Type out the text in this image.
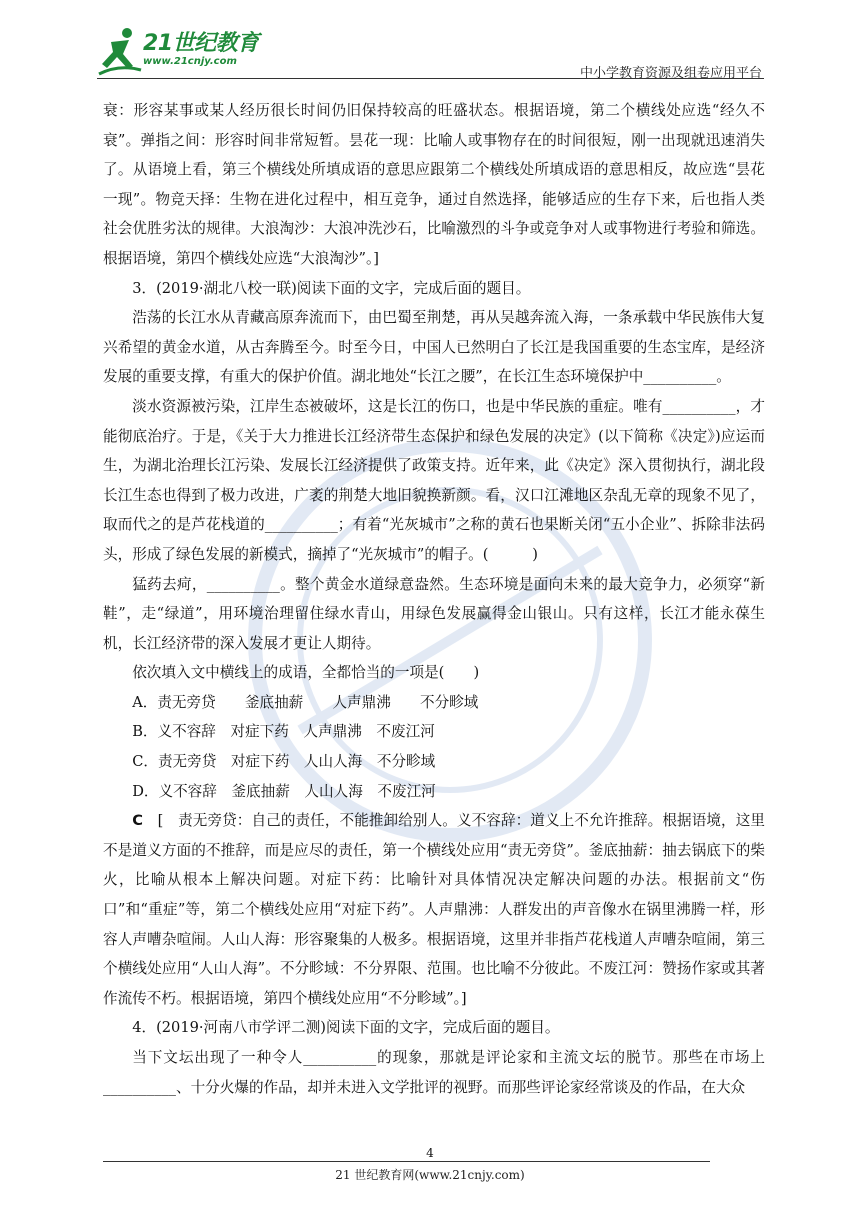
21世纪教育
www.21cnjy.com
中小学教育资源及组卷应用平台

衰：形容某事或某人经历很长时间仍旧保持较高的旺盛状态。根据语境，第二个横线处应选“经久不衰”。弹指之间：形容时间非常短暂。昙花一现：比喻人或事物存在的时间很短，刚一出现就迅速消失了。从语境上看，第三个横线处所填成语的意思应跟第二个横线处所填成语的意思相反，故应选“昙花一现”。物竞天择：生物在进化过程中，相互竞争，通过自然选择，能够适应的生存下来，后也指人类社会优胜劣汰的规律。大浪淘沙：大浪冲洗沙石，比喻激烈的斗争或竞争对人或事物进行考验和筛选。根据语境，第四个横线处应选“大浪淘沙”。]

3．(2019·湖北八校一联)阅读下面的文字，完成后面的题目。

浩荡的长江水从青藏高原奔流而下，由巴蜀至荆楚，再从吴越奔流入海，一条承载中华民族伟大复兴希望的黄金水道，从古奔腾至今。时至今日，中国人已然明白了长江是我国重要的生态宝库，是经济发展的重要支撑，有重大的保护价值。湖北地处“长江之腰”，在长江生态环境保护中__________。

淡水资源被污染，江岸生态被破坏，这是长江的伤口，也是中华民族的重症。唯有__________，才能彻底治疗。于是，《关于大力推进长江经济带生态保护和绿色发展的决定》(以下简称《决定》)应运而生，为湖北治理长江污染、发展长江经济提供了政策支持。近年来，此《决定》深入贯彻执行，湖北段长江生态也得到了极力改进，广袤的荆楚大地旧貌换新颜。看，汉口江滩地区杂乱无章的现象不见了，取而代之的是芦花栈道的__________；有着“光灰城市”之称的黄石也果断关闭“五小企业”、拆除非法码头，形成了绿色发展的新模式，摘掉了“光灰城市”的帽子。(　　　)

猛药去疴，__________。整个黄金水道绿意盎然。生态环境是面向未来的最大竞争力，必须穿“新鞋”，走“绿道”，用环境治理留住绿水青山，用绿色发展赢得金山银山。只有这样，长江才能永葆生机，长江经济带的深入发展才更让人期待。

依次填入文中横线上的成语，全都恰当的一项是(　　)

A．责无旁贷　　釜底抽薪　　人声鼎沸　　不分畛域

B．义不容辞　对症下药　人声鼎沸　不废江河

C．责无旁贷　对症下药　人山人海　不分畛域

D．义不容辞　釜底抽薪　人山人海　不废江河

C　[　责无旁贷：自己的责任，不能推卸给别人。义不容辞：道义上不允许推辞。根据语境，这里不是道义方面的不推辞，而是应尽的责任，第一个横线处应用“责无旁贷”。釜底抽薪：抽去锅底下的柴火，比喻从根本上解决问题。对症下药：比喻针对具体情况决定解决问题的办法。根据前文“伤口”和“重症”等，第二个横线处应用“对症下药”。人声鼎沸：人群发出的声音像水在锅里沸腾一样，形容人声嘈杂喧闹。人山人海：形容聚集的人极多。根据语境，这里并非指芦花栈道人声嘈杂喧闹，第三个横线处应用“人山人海”。不分畛域：不分界限、范围。也比喻不分彼此。不废江河：赞扬作家或其著作流传不朽。根据语境，第四个横线处应用“不分畛域”。]

4．(2019·河南八市学评二测)阅读下面的文字，完成后面的题目。

当下文坛出现了一种令人__________的现象，那就是评论家和主流文坛的脱节。那些在市场上__________、十分火爆的作品，却并未进入文学批评的视野。而那些评论家经常谈及的作品，在大众

4
21 世纪教育网(www.21cnjy.com)
